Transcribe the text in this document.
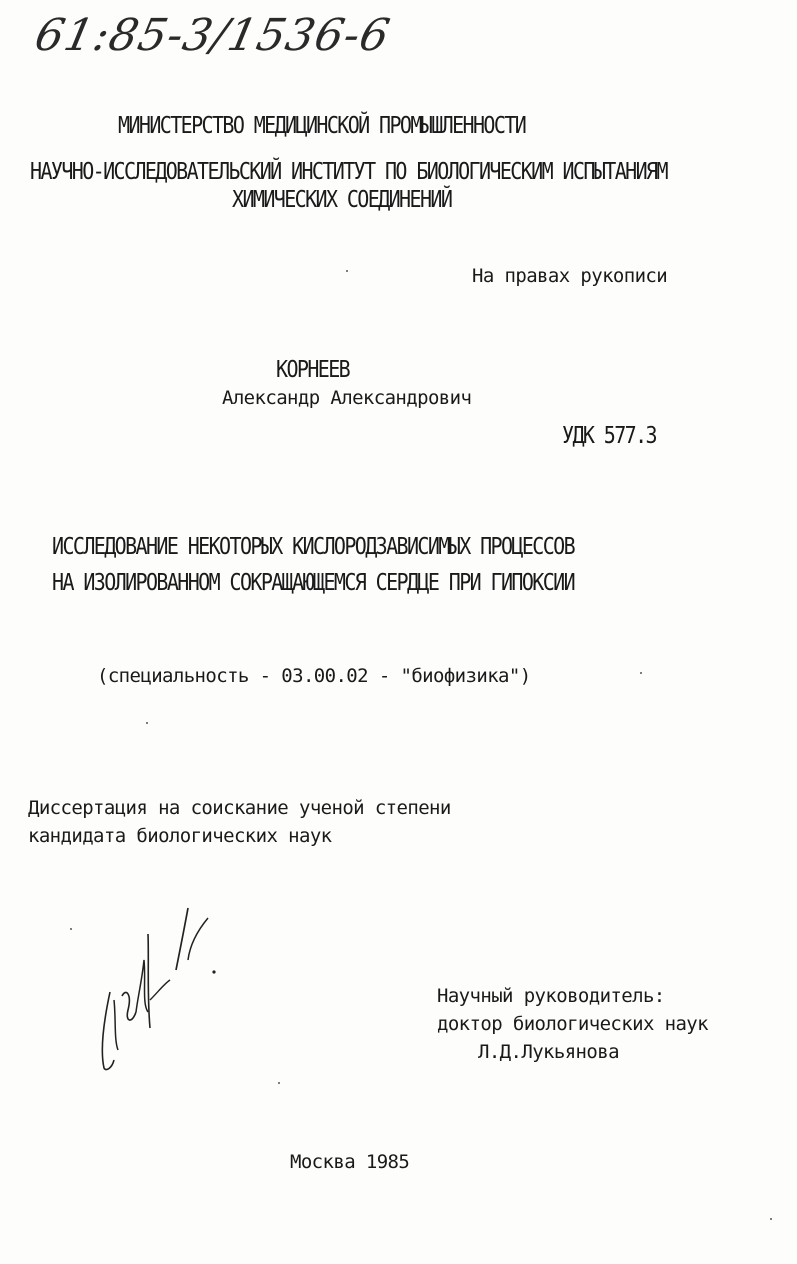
61:85-3/1536-6
МИНИСТЕРСТВО МЕДИЦИНСКОЙ ПРОМЫШЛЕННОСТИ
НАУЧНО-ИССЛЕДОВАТЕЛЬСКИЙ ИНСТИТУТ ПО БИОЛОГИЧЕСКИМ ИСПЫТАНИЯМ
ХИМИЧЕСКИХ СОЕДИНЕНИЙ
На правах рукописи
КОРНЕЕВ
Александр Александрович
УДК 577.3
ИССЛЕДОВАНИЕ НЕКОТОРЫХ КИСЛОРОДЗАВИСИМЫХ ПРОЦЕССОВ
НА ИЗОЛИРОВАННОМ СОКРАЩАЮЩЕМСЯ СЕРДЦЕ ПРИ ГИПОКСИИ
(специальность - 03.00.02 - "биофизика")
Диссертация на соискание ученой степени
кандидата биологических наук
Научный руководитель:
доктор биологических наук
Л.Д.Лукьянова
Москва 1985
